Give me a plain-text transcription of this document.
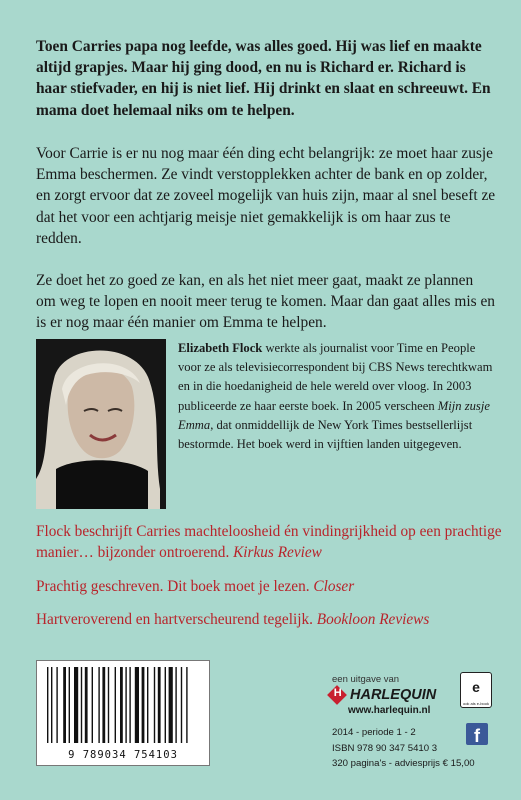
Toen Carries papa nog leefde, was alles goed. Hij was lief en maakte altijd grapjes. Maar hij ging dood, en nu is Richard er. Richard is haar stiefvader, en hij is niet lief. Hij drinkt en slaat en schreeuwt. En mama doet helemaal niks om te helpen.

Voor Carrie is er nu nog maar één ding echt belangrijk: ze moet haar zusje Emma beschermen. Ze vindt verstopplekken achter de bank en op zolder, en zorgt ervoor dat ze zoveel mogelijk van huis zijn, maar al snel beseft ze dat het voor een achtjarig meisje niet gemakkelijk is om haar zus te redden.

Ze doet het zo goed ze kan, en als het niet meer gaat, maakt ze plannen om weg te lopen en nooit meer terug te komen. Maar dan gaat alles mis en is er nog maar één manier om Emma te helpen.

Elizabeth Flock werkte als journalist voor Time en People voor ze als televisiecorrespondent bij CBS News terechtkwam en in die hoedanigheid de hele wereld over vloog. In 2003 publiceerde ze haar eerste boek. In 2005 verscheen Mijn zusje Emma, dat onmiddellijk de New York Times bestsellerlijst bestormde. Het boek werd in vijftien landen uitgegeven.

Flock beschrijft Carries machteloosheid én vindingrijkheid op een prachtige manier… bijzonder ontroerend. Kirkus Review

Prachtig geschreven. Dit boek moet je lezen. Closer

Hartveroverend en hartverscheurend tegelijk. Bookloon Reviews

9 789034 754103
een uitgave van
H
HARLEQUIN
www.harlequin.nl
e
ook als e-book
2014 - periode 1 - 2
ISBN 978 90 347 5410 3
320 pagina's - adviesprijs € 15,00
f
